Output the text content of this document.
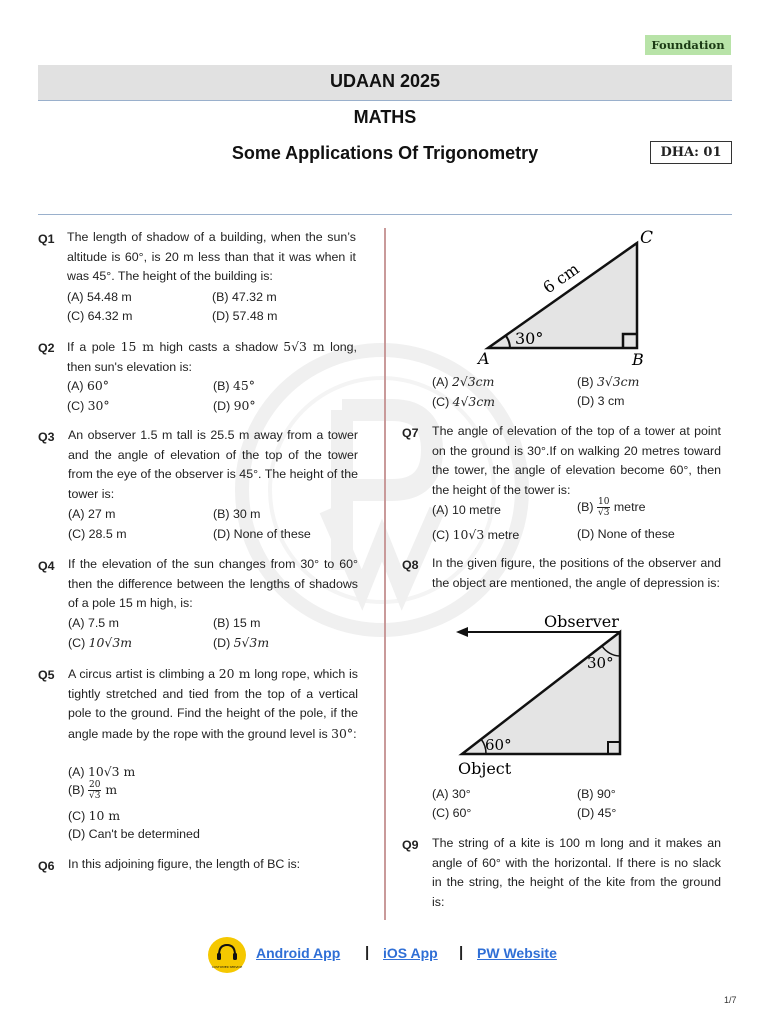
Foundation
UDAAN 2025
MATHS
Some Applications Of Trigonometry	DHA: 01
Q1 The length of shadow of a building, when the sun’s altitude is 60°, is 20 m less than that it was when it was 45°. The height of the building is:
(A) 54.48 m	(B) 47.32 m
(C) 64.32 m	(D) 57.48 m
Q2 If a pole 15 m high casts a shadow 5√3 m long, then sun's elevation is:
(A) 60°	(B) 45°
(C) 30°	(D) 90°
Q3 An observer 1.5 m tall is 25.5 m away from a tower and the angle of elevation of the top of the tower from the eye of the observer is 45°. The height of the tower is:
(A) 27 m	(B) 30 m
(C) 28.5 m	(D) None of these
Q4 If the elevation of the sun changes from 30° to 60° then the difference between the lengths of shadows of a pole 15 m high, is:
(A) 7.5 m	(B) 15 m
(C) 10√3m	(D) 5√3m
Q5 A circus artist is climbing a 20 m long rope, which is tightly stretched and tied from the top of a vertical pole to the ground. Find the height of the pole, if the angle made by the rope with the ground level is 30°:
(A) 10√3 m
$(B) \frac{20}{√3}$ m
(C) 10 m
(D) Can't be determined
Q6 In this adjoining figure, the length of BC is:
C
A	B
6 cm
30°
(A) 2√3cm	(B) 3√3cm
(C) 4√3cm	(D) 3 cm
Q7 The angle of elevation of the top of a tower at point on the ground is 30°.If on walking 20 metres toward the tower, the angle of elevation become 60°, then the height of the tower is:
(A) 10 metre	$(B) \frac{10}{√3}$ metre
(C) 10√3 metre	(D) None of these
Q8 In the given figure, the positions of the observer and the object are mentioned, the angle of depression is:
Observer
Object
30°
60°
(A) 30°	(B) 90°
(C) 60°	(D) 45°
Q9 The string of a kite is 100 m long and it makes an angle of 60° with the horizontal. If there is no slack in the string, the height of the kite from the ground is:
CUSTOMER SERVICE
Android App | iOS App | PW Website
1/7
